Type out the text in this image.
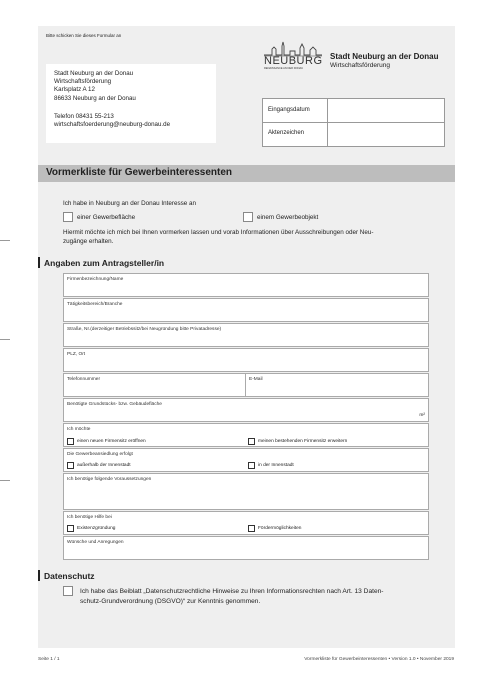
Bitte schicken Sie dieses Formular an
Stadt Neuburg an der Donau
Wirtschaftsförderung
Karlsplatz A 12
86633 Neuburg an der Donau
Telefon 08431 55-213
wirtschaftsfoerderung@neuburg-donau.de
NEUBURG
RENAISSANCE AN DER DONAU
Stadt Neuburg an der Donau
Wirtschaftsförderung
Eingangsdatum
Aktenzeichen
Vormerkliste für Gewerbeinteressenten
Ich habe in Neuburg an der Donau Interesse an
einer Gewerbefläche	einem Gewerbeobjekt
Hiermit möchte ich mich bei Ihnen vormerken lassen und vorab Informationen über Ausschreibungen oder Neu-
zugänge erhalten.
Angaben zum Antragsteller/in
Firmenbezeichnung/Name
Tätigkeitsbereich/Branche
Straße, Nr.(derzeitiger Betriebssitz/bei Neugründung bitte Privatadresse)
PLZ, Ort
Telefonnummer	E-Mail
Benötigte Grundstücks- bzw. Gebäudefläche
m²
Ich möchte
einen neuen Firmensitz eröffnen	meinen bestehenden Firmensitz erweitern
Die Gewerbeansiedlung erfolgt
außerhalb der Innenstadt	in der Innenstadt
Ich benötige folgende Voraussetzungen
Ich benötige Hilfe bei
Existenzgründung	Fördermöglichkeiten
Wünsche und Anregungen
Datenschutz
Ich habe das Beiblatt „Datenschutzrechtliche Hinweise zu Ihren Informationsrechten nach Art. 13 Daten-
schutz-Grundverordnung (DSGVO)“ zur Kenntnis genommen.
Seite 1 / 1	Vormerkliste für Gewerbeinteressenten • Version 1.0 • November 2019
